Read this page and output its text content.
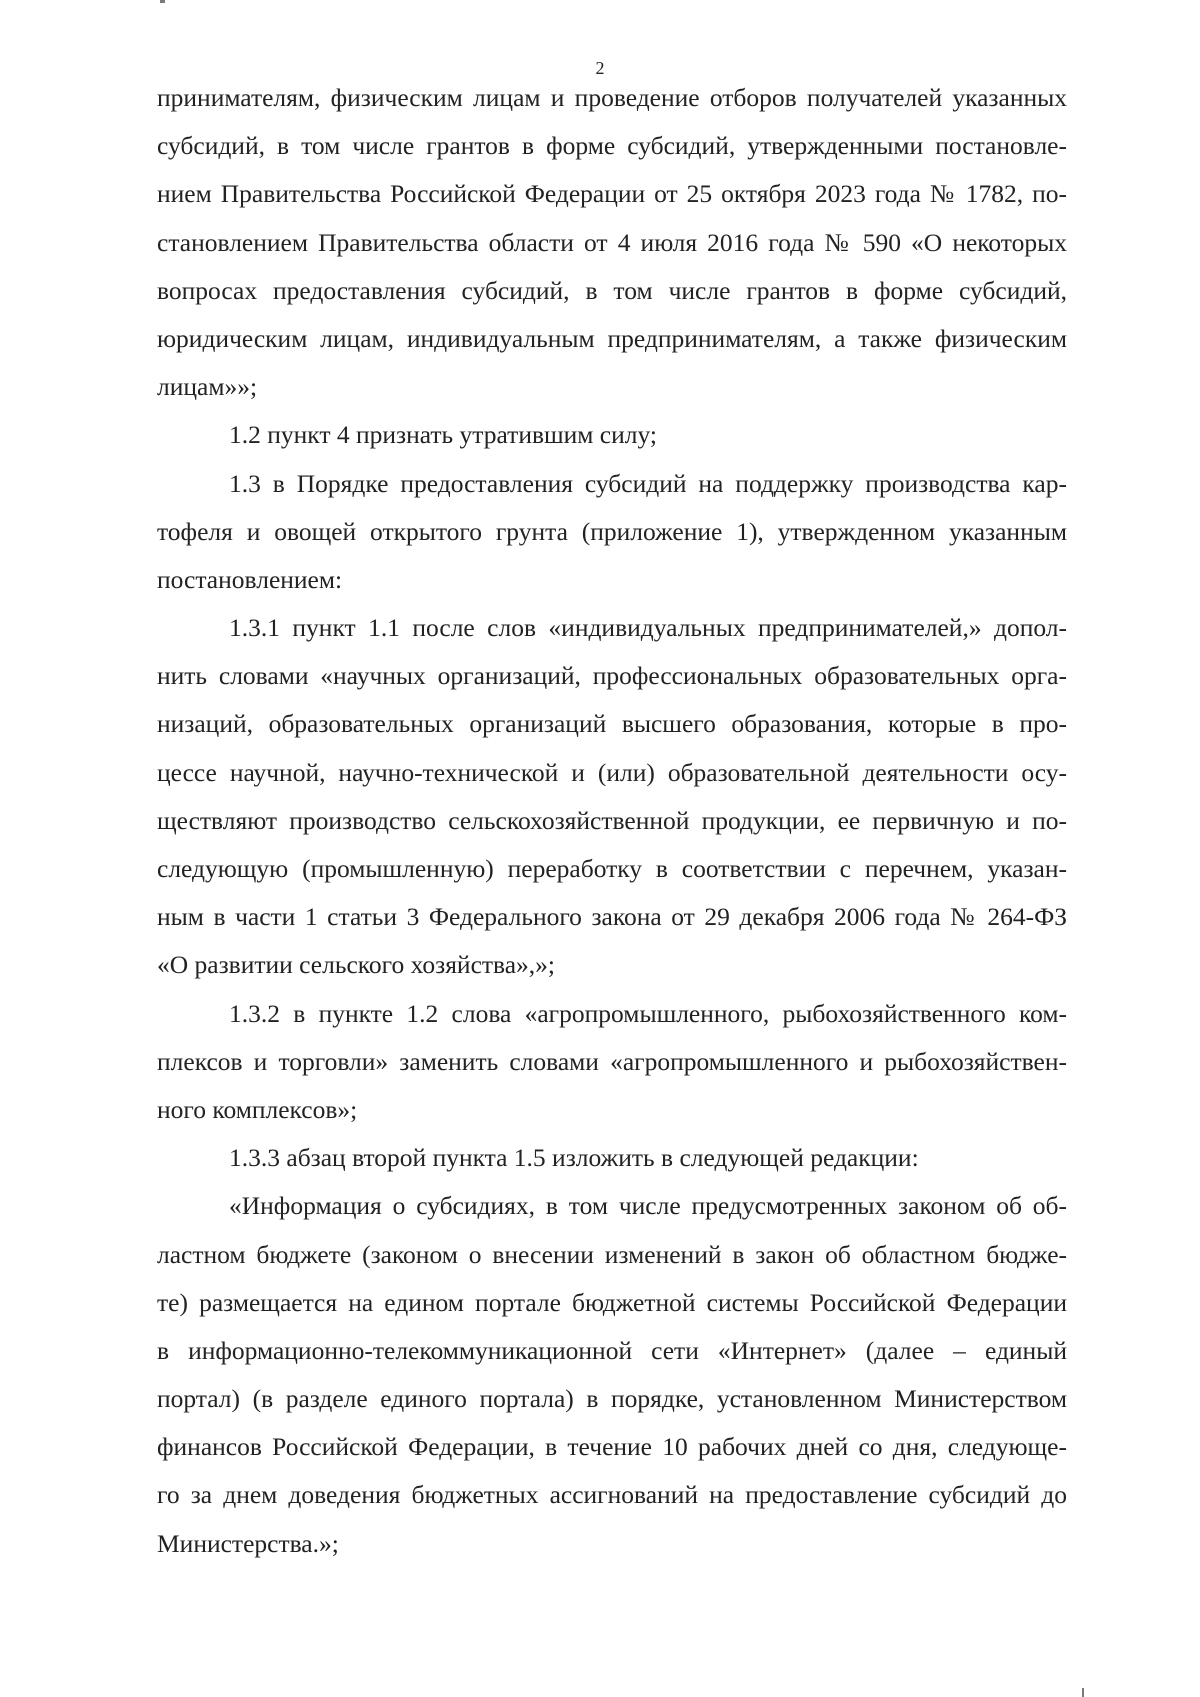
2
принимателям, физическим лицам и проведение отборов получателей указанных
субсидий, в том числе грантов в форме субсидий, утвержденными постановле-
нием Правительства Российской Федерации от 25 октября 2023 года № 1782, по-
становлением Правительства области от 4 июля 2016 года № 590 «О некоторых
вопросах предоставления субсидий, в том числе грантов в форме субсидий,
юридическим лицам, индивидуальным предпринимателям, а также физическим
лицам»»;
1.2 пункт 4 признать утратившим силу;
1.3 в Порядке предоставления субсидий на поддержку производства кар-
тофеля и овощей открытого грунта (приложение 1), утвержденном указанным
постановлением:
1.3.1 пункт 1.1 после слов «индивидуальных предпринимателей,» допол-
нить словами «научных организаций, профессиональных образовательных орга-
низаций, образовательных организаций высшего образования, которые в про-
цессе научной, научно-технической и (или) образовательной деятельности осу-
ществляют производство сельскохозяйственной продукции, ее первичную и по-
следующую (промышленную) переработку в соответствии с перечнем, указан-
ным в части 1 статьи 3 Федерального закона от 29 декабря 2006 года № 264-ФЗ
«О развитии сельского хозяйства»,»;
1.3.2 в пункте 1.2 слова «агропромышленного, рыбохозяйственного ком-
плексов и торговли» заменить словами «агропромышленного и рыбохозяйствен-
ного комплексов»;
1.3.3 абзац второй пункта 1.5 изложить в следующей редакции:
«Информация о субсидиях, в том числе предусмотренных законом об об-
ластном бюджете (законом о внесении изменений в закон об областном бюдже-
те) размещается на едином портале бюджетной системы Российской Федерации
в информационно-телекоммуникационной сети «Интернет» (далее – единый
портал) (в разделе единого портала) в порядке, установленном Министерством
финансов Российской Федерации, в течение 10 рабочих дней со дня, следующе-
го за днем доведения бюджетных ассигнований на предоставление субсидий до
Министерства.»;
